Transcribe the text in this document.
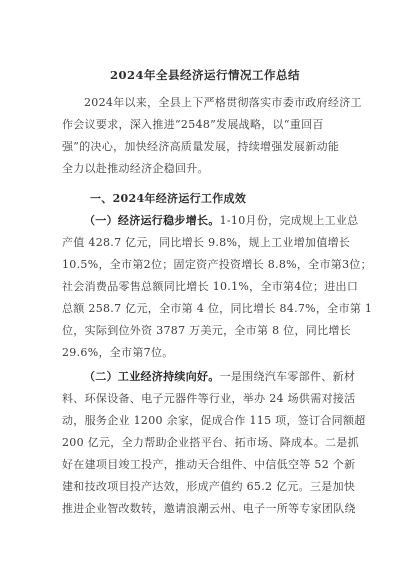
2024年全县经济运行情况工作总结
2024年以来，全县上下严格贯彻落实市委市政府经济工
作会议要求，深入推进“2548”发展战略，以“重回百
强”的决心，加快经济高质量发展，持续增强发展新动能
全力以赴推动经济企稳回升。
一、2024年经济运行工作成效
（一）经济运行稳步增长。1-10月份，完成规上工业总
产值 428.7 亿元，同比增长 9.8%，规上工业增加值增长
10.5%，全市第2位；固定资产投资增长 8.8%，全市第3位；
社会消费品零售总额同比增长 10.1%，全市第4位；进出口
总额 258.7 亿元，全市第 4 位，同比增长 84.7%，全市第 1
位，实际到位外资 3787 万美元，全市第 8 位，同比增长
29.6%，全市第7位。
（二）工业经济持续向好。一是围绕汽车零部件、新材
料、环保设备、电子元器件等行业，举办 24 场供需对接活
动，服务企业 1200 余家，促成合作 115 项，签订合同额超
200 亿元，全力帮助企业搭平台、拓市场、降成本。二是抓
好在建项目竣工投产，推动天合组件、中信低空等 52 个新
建和技改项目投产达效，形成产值约 65.2 亿元。三是加快
推进企业智改数转，邀请浪潮云州、电子一所等专家团队绕
